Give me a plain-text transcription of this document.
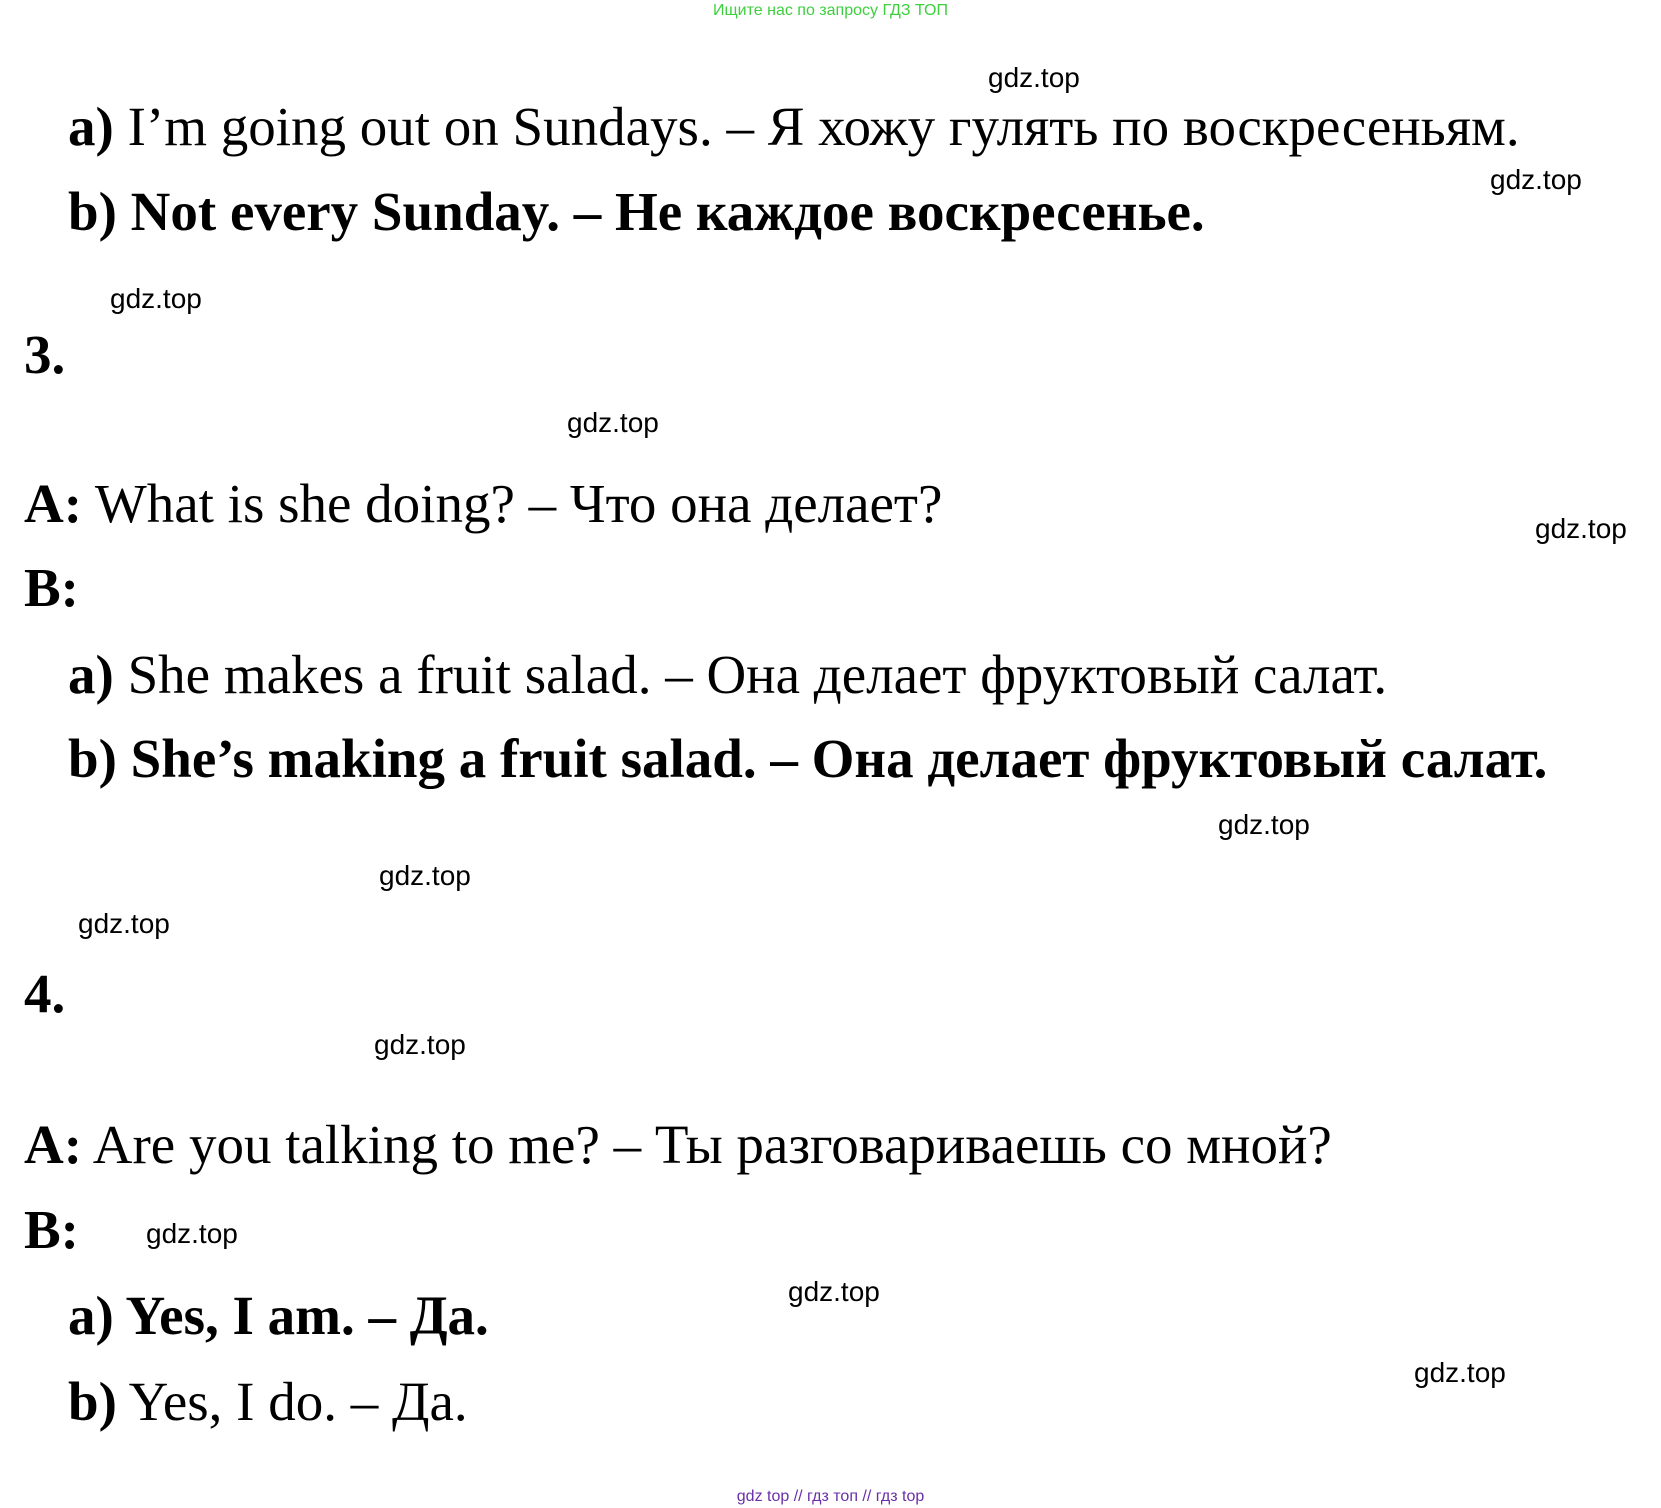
Ищите нас по запросу ГДЗ ТОП
gdz.top
gdz.top
gdz.top
gdz.top
gdz.top
gdz.top
gdz.top
gdz.top
gdz.top
gdz.top
gdz.top
gdz.top
a) I’m going out on Sundays. – Я хожу гулять по воскресеньям.
b) Not every Sunday. – Не каждое воскресенье.
3.
A: What is she doing? – Что она делает?
B:
a) She makes a fruit salad. – Она делает фруктовый салат.
b) She’s making a fruit salad. – Она делает фруктовый салат.
4.
A: Are you talking to me? – Ты разговариваешь со мной?
B:
a) Yes, I am. – Да.
b) Yes, I do. – Да.
gdz top // гдз топ // гдз top
